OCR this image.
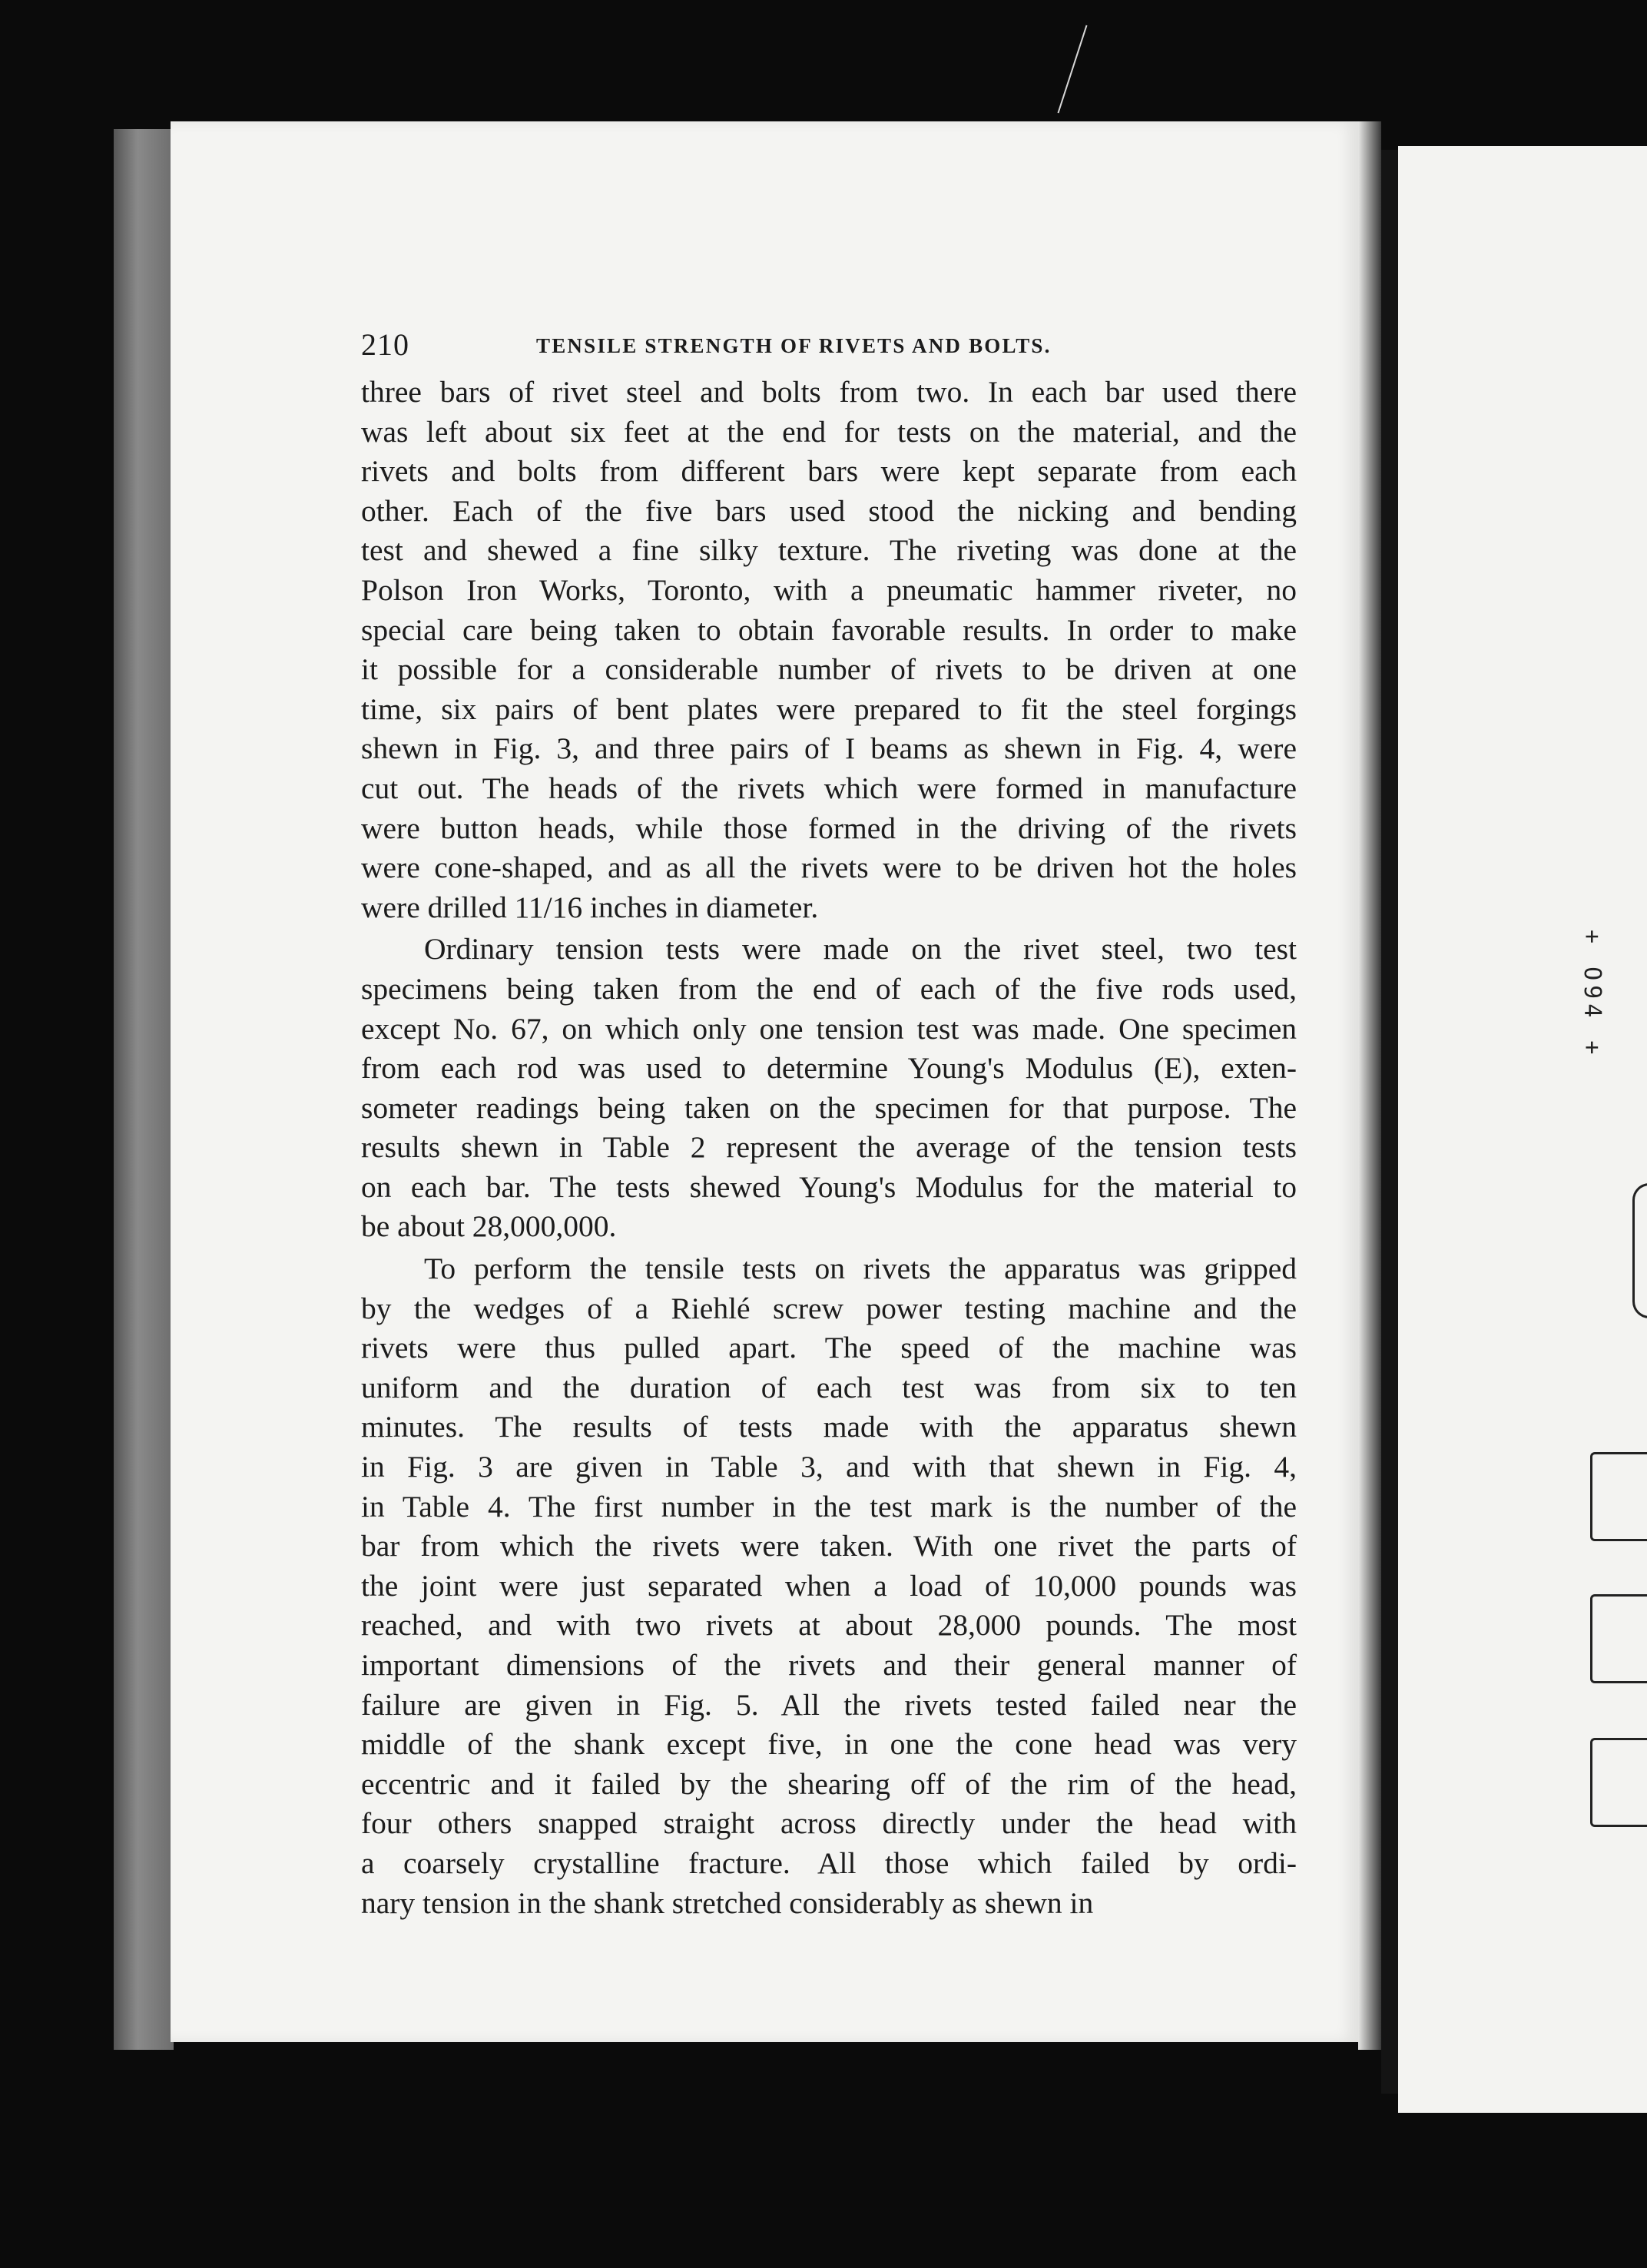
+ O94 +
210	TENSILE STRENGTH OF RIVETS AND BOLTS.
three bars of rivet steel and bolts from two. In each bar used there
was left about six feet at the end for tests on the material, and the
rivets and bolts from different bars were kept separate from each
other. Each of the five bars used stood the nicking and bending
test and shewed a fine silky texture. The riveting was done at the
Polson Iron Works, Toronto, with a pneumatic hammer riveter, no
special care being taken to obtain favorable results. In order to make
it possible for a considerable number of rivets to be driven at one
time, six pairs of bent plates were prepared to fit the steel forgings
shewn in Fig. 3, and three pairs of I beams as shewn in Fig. 4, were
cut out. The heads of the rivets which were formed in manufacture
were button heads, while those formed in the driving of the rivets
were cone-shaped, and as all the rivets were to be driven hot the holes
were drilled 11/16 inches in diameter.
Ordinary tension tests were made on the rivet steel, two test
specimens being taken from the end of each of the five rods used,
except No. 67, on which only one tension test was made. One specimen
from each rod was used to determine Young's Modulus (E), exten-
someter readings being taken on the specimen for that purpose. The
results shewn in Table 2 represent the average of the tension tests
on each bar. The tests shewed Young's Modulus for the material to
be about 28,000,000.
To perform the tensile tests on rivets the apparatus was gripped
by the wedges of a Riehlé screw power testing machine and the
rivets were thus pulled apart. The speed of the machine was
uniform and the duration of each test was from six to ten
minutes. The results of tests made with the apparatus shewn
in Fig. 3 are given in Table 3, and with that shewn in Fig. 4,
in Table 4. The first number in the test mark is the number of the
bar from which the rivets were taken. With one rivet the parts of
the joint were just separated when a load of 10,000 pounds was
reached, and with two rivets at about 28,000 pounds. The most
important dimensions of the rivets and their general manner of
failure are given in Fig. 5. All the rivets tested failed near the
middle of the shank except five, in one the cone head was very
eccentric and it failed by the shearing off of the rim of the head,
four others snapped straight across directly under the head with
a coarsely crystalline fracture. All those which failed by ordi-
nary tension in the shank stretched considerably as shewn in
